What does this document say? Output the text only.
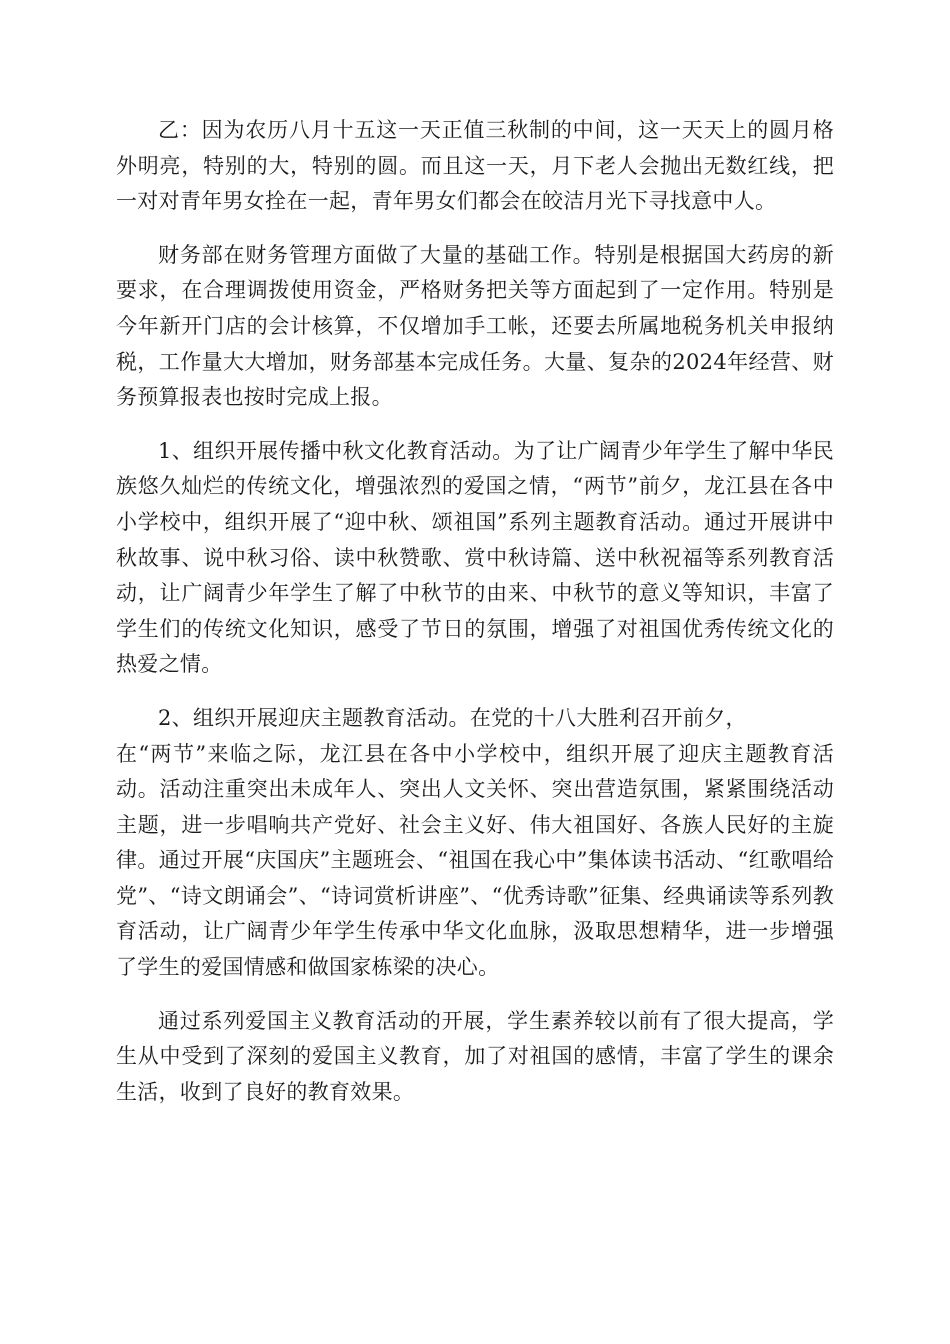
乙：因为农历八月十五这一天正值三秋制的中间，这一天天上的圆月格外明亮，特别的大，特别的圆。而且这一天，月下老人会抛出无数红线，把一对对青年男女拴在一起，青年男女们都会在皎洁月光下寻找意中人。

财务部在财务管理方面做了大量的基础工作。特别是根据国大药房的新要求，在合理调拨使用资金，严格财务把关等方面起到了一定作用。特别是今年新开门店的会计核算，不仅增加手工帐，还要去所属地税务机关申报纳税，工作量大大增加，财务部基本完成任务。大量、复杂的2024年经营、财务预算报表也按时完成上报。

1、组织开展传播中秋文化教育活动。为了让广阔青少年学生了解中华民族悠久灿烂的传统文化，增强浓烈的爱国之情，“两节”前夕，龙江县在各中小学校中，组织开展了“迎中秋、颂祖国”系列主题教育活动。通过开展讲中秋故事、说中秋习俗、读中秋赞歌、赏中秋诗篇、送中秋祝福等系列教育活动，让广阔青少年学生了解了中秋节的由来、中秋节的意义等知识，丰富了学生们的传统文化知识，感受了节日的氛围，增强了对祖国优秀传统文化的热爱之情。

2、组织开展迎庆主题教育活动。在党的十八大胜利召开前夕，
在“两节”来临之际，龙江县在各中小学校中，组织开展了迎庆主题教育活动。活动注重突出未成年人、突出人文关怀、突出营造氛围，紧紧围绕活动主题，进一步唱响共产党好、社会主义好、伟大祖国好、各族人民好的主旋律。通过开展“庆国庆”主题班会、“祖国在我心中”集体读书活动、“红歌唱给党”、“诗文朗诵会”、“诗词赏析讲座”、“优秀诗歌”征集、经典诵读等系列教育活动，让广阔青少年学生传承中华文化血脉，汲取思想精华，进一步增强了学生的爱国情感和做国家栋梁的决心。

通过系列爱国主义教育活动的开展，学生素养较以前有了很大提高，学生从中受到了深刻的爱国主义教育，加了对祖国的感情，丰富了学生的课余生活，收到了良好的教育效果。
